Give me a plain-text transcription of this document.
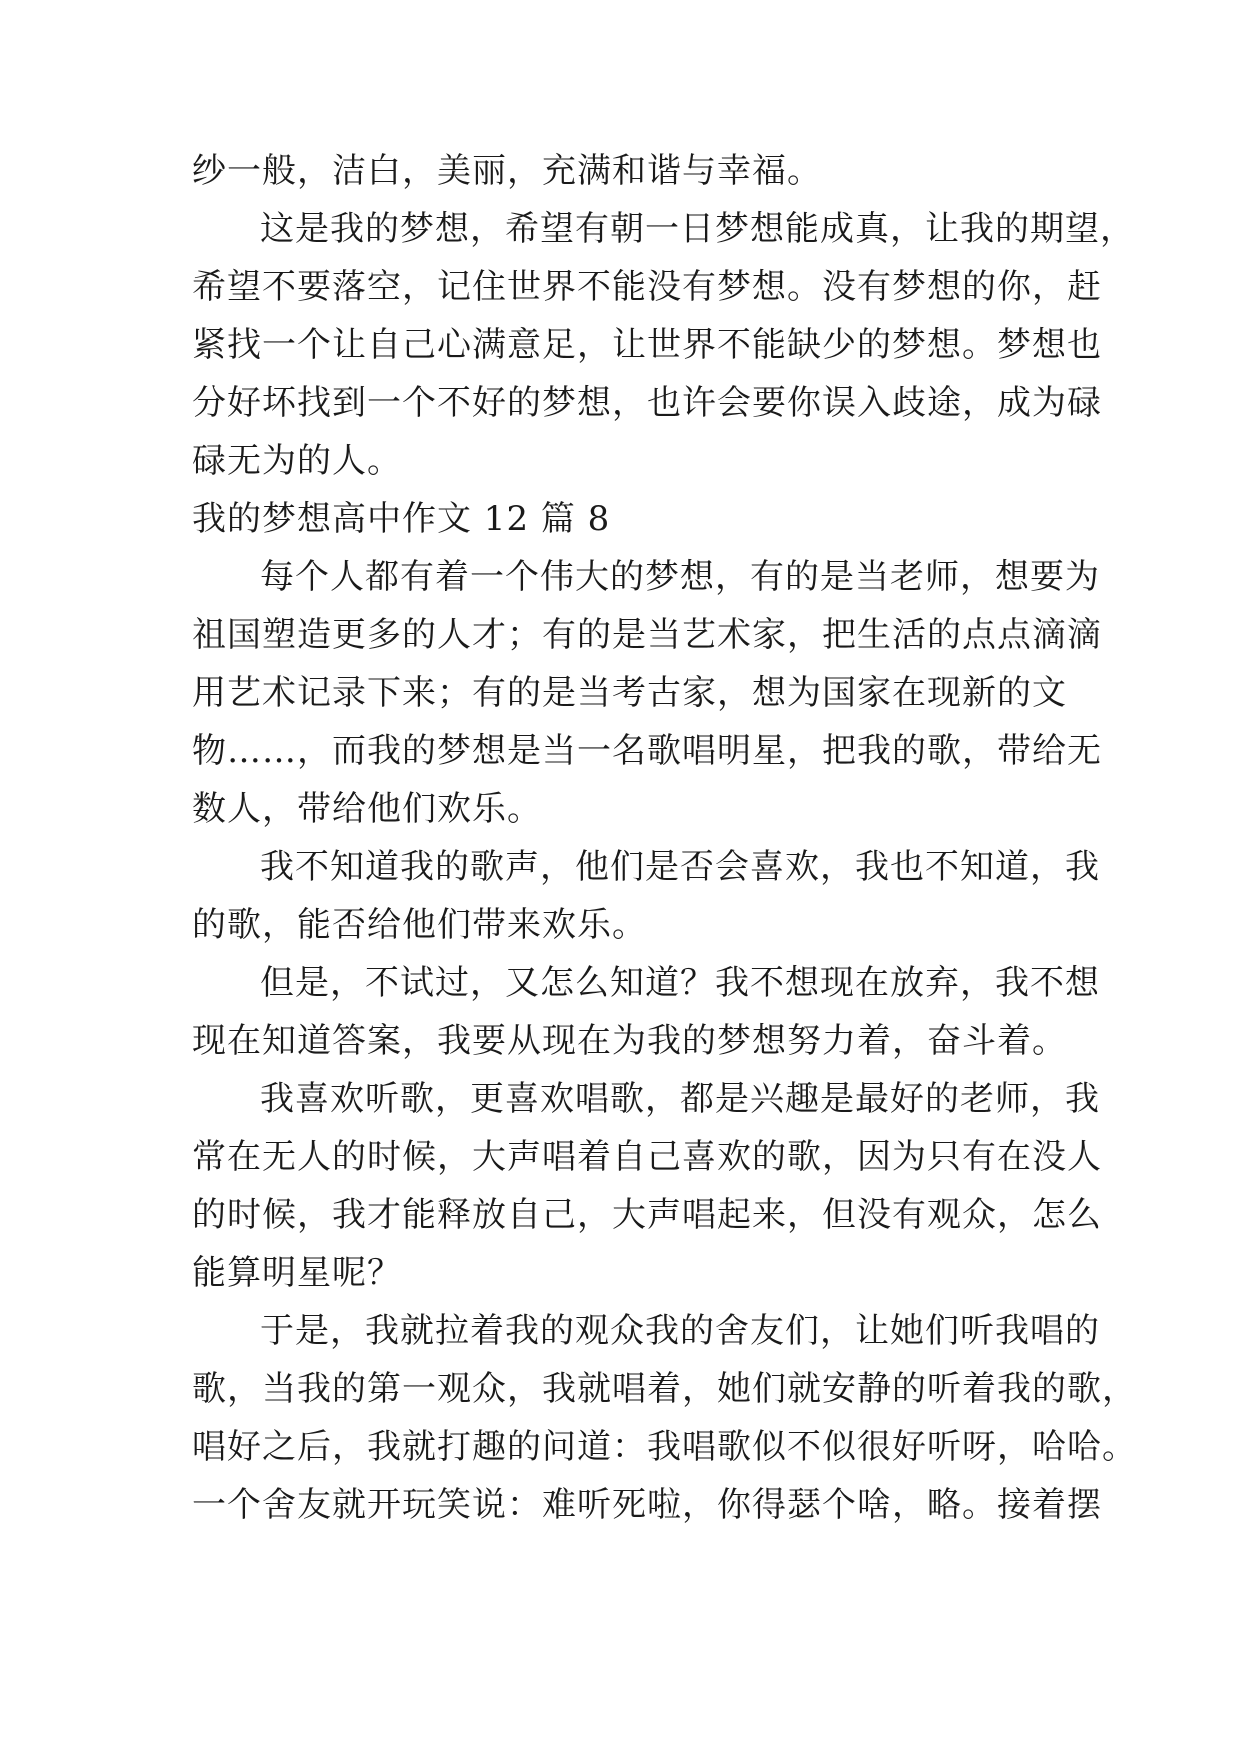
纱一般，洁白，美丽，充满和谐与幸福。
这是我的梦想，希望有朝一日梦想能成真，让我的期望，
希望不要落空，记住世界不能没有梦想。没有梦想的你，赶
紧找一个让自己心满意足，让世界不能缺少的梦想。梦想也
分好坏找到一个不好的梦想，也许会要你误入歧途，成为碌
碌无为的人。
我的梦想高中作文 12 篇 8
每个人都有着一个伟大的梦想，有的是当老师，想要为
祖国塑造更多的人才；有的是当艺术家，把生活的点点滴滴
用艺术记录下来；有的是当考古家，想为国家在现新的文
物……，而我的梦想是当一名歌唱明星，把我的歌，带给无
数人，带给他们欢乐。
我不知道我的歌声，他们是否会喜欢，我也不知道，我
的歌，能否给他们带来欢乐。
但是，不试过，又怎么知道？我不想现在放弃，我不想
现在知道答案，我要从现在为我的梦想努力着，奋斗着。
我喜欢听歌，更喜欢唱歌，都是兴趣是最好的老师，我
常在无人的时候，大声唱着自己喜欢的歌，因为只有在没人
的时候，我才能释放自己，大声唱起来，但没有观众，怎么
能算明星呢？
于是，我就拉着我的观众我的舍友们，让她们听我唱的
歌，当我的第一观众，我就唱着，她们就安静的听着我的歌，
唱好之后，我就打趣的问道：我唱歌似不似很好听呀，哈哈。
一个舍友就开玩笑说：难听死啦，你得瑟个啥，略。接着摆
